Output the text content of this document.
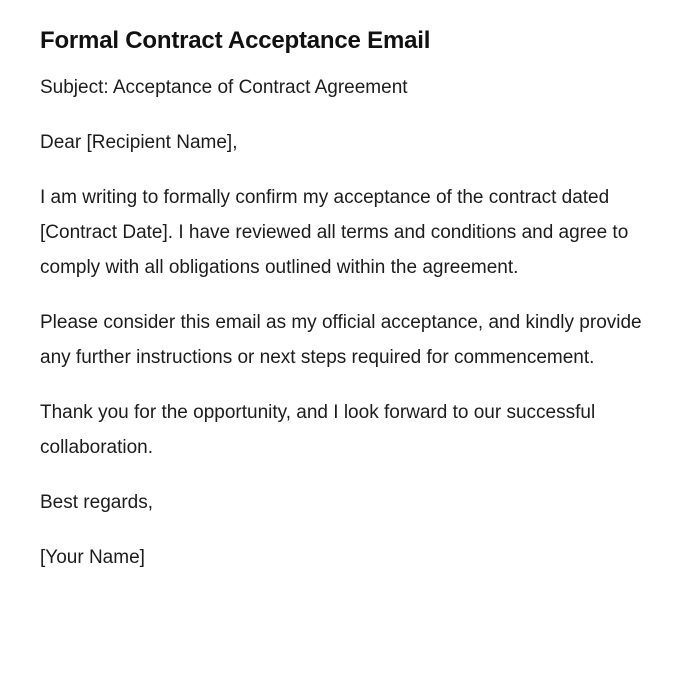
Formal Contract Acceptance Email

Subject: Acceptance of Contract Agreement

Dear [Recipient Name],

I am writing to formally confirm my acceptance of the contract dated [Contract Date]. I have reviewed all terms and conditions and agree to comply with all obligations outlined within the agreement.

Please consider this email as my official acceptance, and kindly provide any further instructions or next steps required for commencement.

Thank you for the opportunity, and I look forward to our successful collaboration.

Best regards,

[Your Name]
